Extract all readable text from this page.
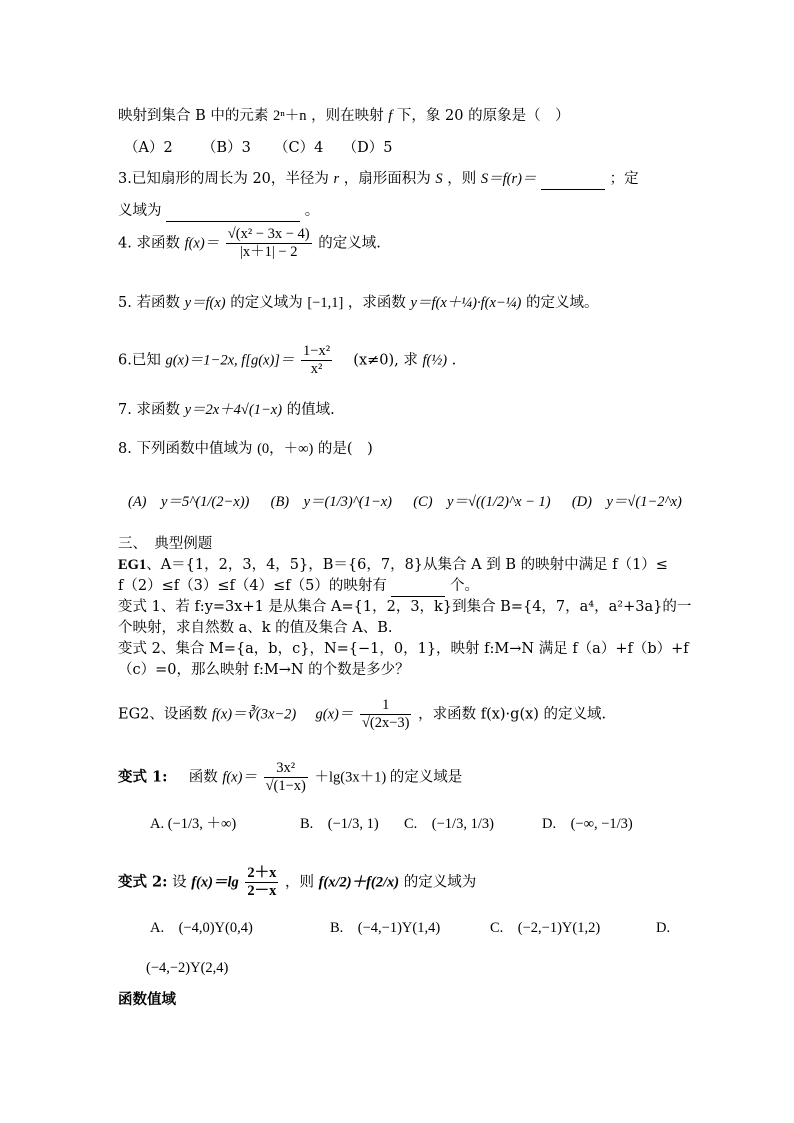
映射到集合 B 中的元素 2ⁿ＋n ，则在映射 f 下，象 20 的原象是（　）
（A）2 （B）3 （C）4 （D）5
3.已知扇形的周长为 20，半径为 r ，扇形面积为 S ，则 S＝f(r)＝	；定
义域为	。
4. 求函数 $f(x)= \frac{\text{√(x² − 3x − 4)}}{|x+1| - 2}$ 的定义域.
5. 若函数 y＝f(x) 的定义域为 [−1,1] ，求函数 y＝f(x＋¼)·f(x−¼) 的定义域。
6.已知 g(x)＝1−2x, $f[g(x)]= \frac{\text{1−x²}}{\text{x²}} (x\ne 0)$, 求 f(½) .
7. 求函数 y＝2x＋4√(1−x) 的值域.
8. 下列函数中值域为 (0，＋∞) 的是(　)
(A)　y＝5^(1/(2−x)) (B)　y＝(1/3)^(1−x) (C)　y＝√((1/2)^x − 1) (D)　y＝√(1−2^x)
三、　典型例题
EG1、A＝{1，2，3，4，5}，B＝{6，7，8}从集合 A 到 B 的映射中满足 f（1）≤
f（2）≤f（3）≤f（4）≤f（5）的映射有	个。
变式 1、若 f:y=3x+1 是从集合 A={1，2，3，k}到集合 B={4，7，a⁴，a²+3a}的一
个映射，求自然数 a、k 的值及集合 A、B.
变式 2、集合 M={a，b，c}，N={−1，0，1}，映射 f:M→N 满足 f（a）+f（b）+f
（c）=0，那么映射 f:M→N 的个数是多少？
EG2、设函数 f(x)＝∛(3x−2) $g(x)= \frac{1}{√(2x-3)}$ ，求函数 f(x)·g(x) 的定义域.
变式 1: 函数 $f(x)= \frac{\text{3x²}}{√(1-x)} +\lg(3x+1)$ 的定义域是
A. (−1/3, ＋∞)	B.　(−1/3, 1) C.　(−1/3, 1/3)	D.　(−∞, −1/3)
变式 2: 设 $f(x)=\lg \frac{2+x}{2-x}$ ，则 f(x/2)＋f(2/x) 的定义域为
A.　(−4,0)Y(0,4)	B.　(−4,−1)Y(1,4)	C.　(−2,−1)Y(1,2)	D.
(−4,−2)Y(2,4)
函数值域
